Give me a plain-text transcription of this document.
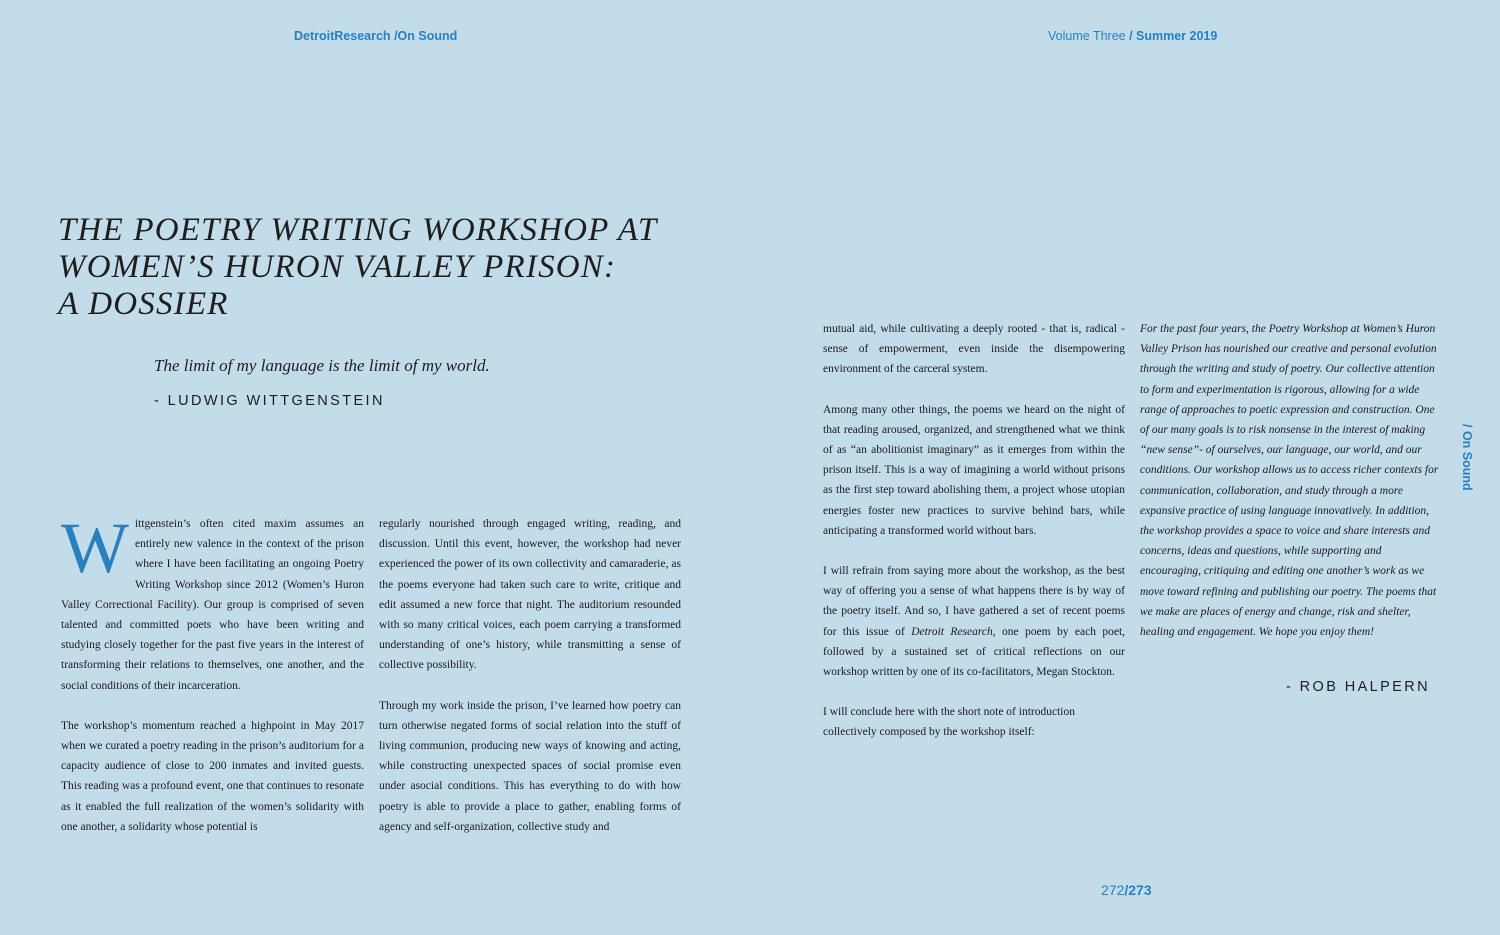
DetroitResearch /On Sound	Volume Three / Summer 2019
THE POETRY WRITING WORKSHOP AT
WOMEN’S HURON VALLEY PRISON:
A DOSSIER

The limit of my language is the limit of my world.

- LUDWIG WITTGENSTEIN

Wittgenstein’s often cited maxim assumes an entirely new valence in the context of the prison where I have been facilitating an ongoing Poetry Writing Workshop since 2012 (Women’s Huron Valley Correctional Facility). Our group is comprised of seven talented and committed poets who have been writing and studying closely together for the past five years in the interest of transforming their relations to themselves, one another, and the social conditions of their incarceration.

The workshop’s momentum reached a highpoint in May 2017 when we curated a poetry reading in the prison’s auditorium for a capacity audience of close to 200 inmates and invited guests. This reading was a profound event, one that continues to resonate as it enabled the full realization of the women’s solidarity with one another, a solidarity whose potential is

regularly nourished through engaged writing, reading, and discussion. Until this event, however, the workshop had never experienced the power of its own collectivity and camaraderie, as the poems everyone had taken such care to write, critique and edit assumed a new force that night. The auditorium resounded with so many critical voices, each poem carrying a transformed understanding of one’s history, while transmitting a sense of collective possibility.

Through my work inside the prison, I’ve learned how poetry can turn otherwise negated forms of social relation into the stuff of living communion, producing new ways of knowing and acting, while constructing unexpected spaces of social promise even under asocial conditions. This has everything to do with how poetry is able to provide a place to gather, enabling forms of agency and self-organization, collective study and

mutual aid, while cultivating a deeply rooted - that is, radical - sense of empowerment, even inside the disempowering environment of the carceral system.

Among many other things, the poems we heard on the night of that reading aroused, organized, and strengthened what we think of as “an abolitionist imaginary” as it emerges from within the prison itself. This is a way of imagining a world without prisons as the first step toward abolishing them, a project whose utopian energies foster new practices to survive behind bars, while anticipating a transformed world without bars.

I will refrain from saying more about the workshop, as the best way of offering you a sense of what happens there is by way of the poetry itself. And so, I have gathered a set of recent poems for this issue of Detroit Research, one poem by each poet, followed by a sustained set of critical reflections on our workshop written by one of its co-facilitators, Megan Stockton.

I will conclude here with the short note of introduction collectively composed by the workshop itself:

For the past four years, the Poetry Workshop at Women’s Huron Valley Prison has nourished our creative and personal evolution through the writing and study of poetry. Our collective attention to form and experimentation is rigorous, allowing for a wide range of approaches to poetic expression and construction. One of our many goals is to risk nonsense in the interest of making “new sense”- of ourselves, our language, our world, and our conditions. Our workshop allows us to access richer contexts for communication, collaboration, and study through a more expansive practice of using language innovatively. In addition, the workshop provides a space to voice and share interests and concerns, ideas and questions, while supporting and encouraging, critiquing and editing one another’s work as we move toward refining and publishing our poetry. The poems that we make are places of energy and change, risk and shelter, healing and engagement. We hope you enjoy them!

- ROB HALPERN
/ On Sound
272/273
